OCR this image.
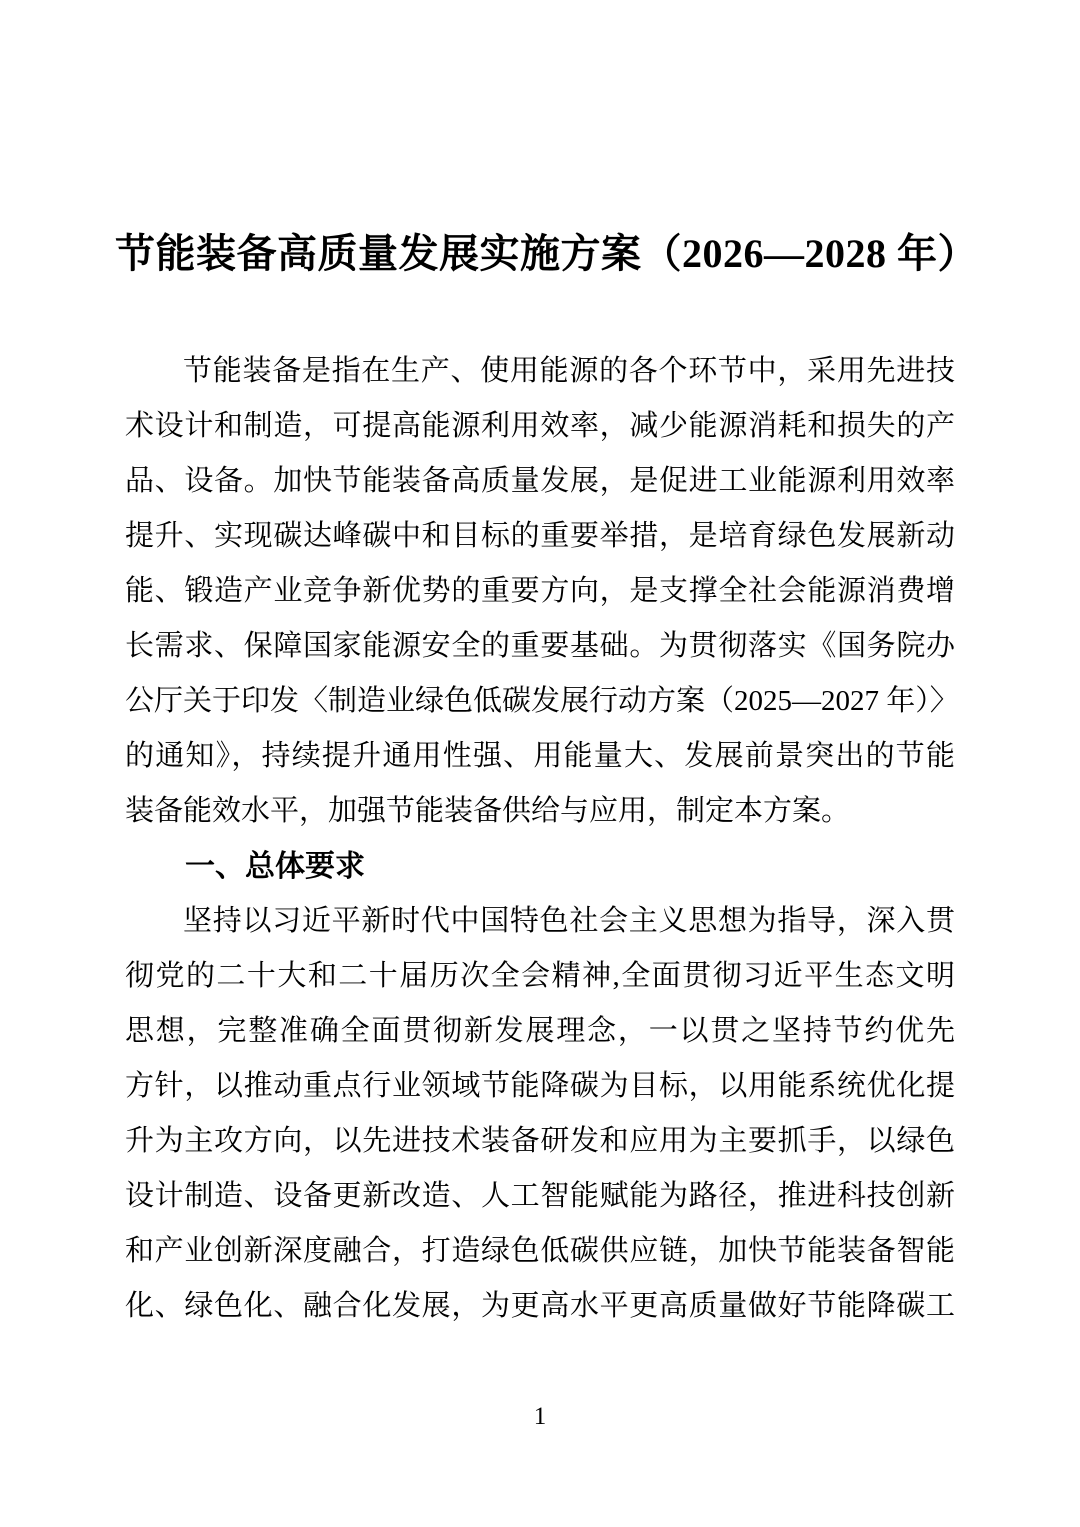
节能装备高质量发展实施方案（2026—2028 年）
节能装备是指在生产、使用能源的各个环节中，采用先进技
术设计和制造，可提高能源利用效率，减少能源消耗和损失的产
品、设备。加快节能装备高质量发展，是促进工业能源利用效率
提升、实现碳达峰碳中和目标的重要举措，是培育绿色发展新动
能、锻造产业竞争新优势的重要方向，是支撑全社会能源消费增
长需求、保障国家能源安全的重要基础。为贯彻落实《国务院办
公厅关于印发〈制造业绿色低碳发展行动方案（2025—2027 年）〉
的通知》，持续提升通用性强、用能量大、发展前景突出的节能
装备能效水平，加强节能装备供给与应用，制定本方案。
一、总体要求
坚持以习近平新时代中国特色社会主义思想为指导，深入贯
彻党的二十大和二十届历次全会精神,全面贯彻习近平生态文明
思想，完整准确全面贯彻新发展理念，一以贯之坚持节约优先
方针，以推动重点行业领域节能降碳为目标，以用能系统优化提
升为主攻方向，以先进技术装备研发和应用为主要抓手，以绿色
设计制造、设备更新改造、人工智能赋能为路径，推进科技创新
和产业创新深度融合，打造绿色低碳供应链，加快节能装备智能
化、绿色化、融合化发展，为更高水平更高质量做好节能降碳工
1
